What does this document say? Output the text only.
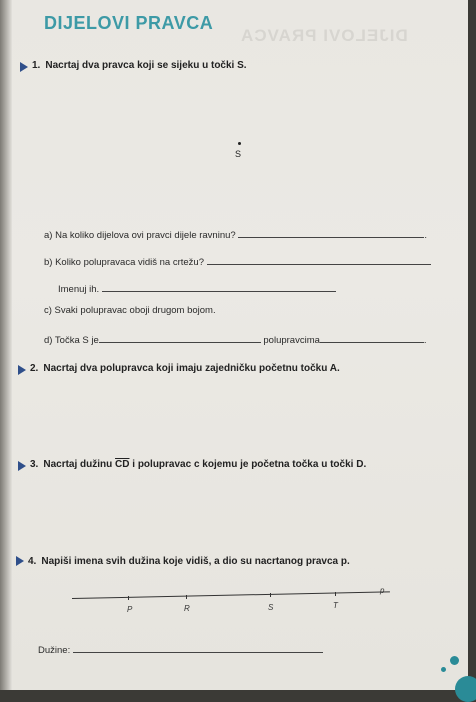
DIJELOVI PRAVCA
DIJELOVI PRAVCA
1. Nacrtaj dva pravca koji se sijeku u točki S.
S
a) Na koliko dijelova ovi pravci dijele ravninu?	.
b) Koliko polupravaca vidiš na crtežu?
Imenuj ih.
c) Svaki polupravac oboji drugom bojom.
d) Točka S je	polupravcima	.
2. Nacrtaj dva polupravca koji imaju zajedničku početnu točku A.
3. Nacrtaj dužinu $\overline{CD}$ i polupravac c kojemu je početna točka u točki D.
4. Napiši imena svih dužina koje vidiš, a dio su nacrtanog pravca p.
p
P	R	S	T
Dužine:
